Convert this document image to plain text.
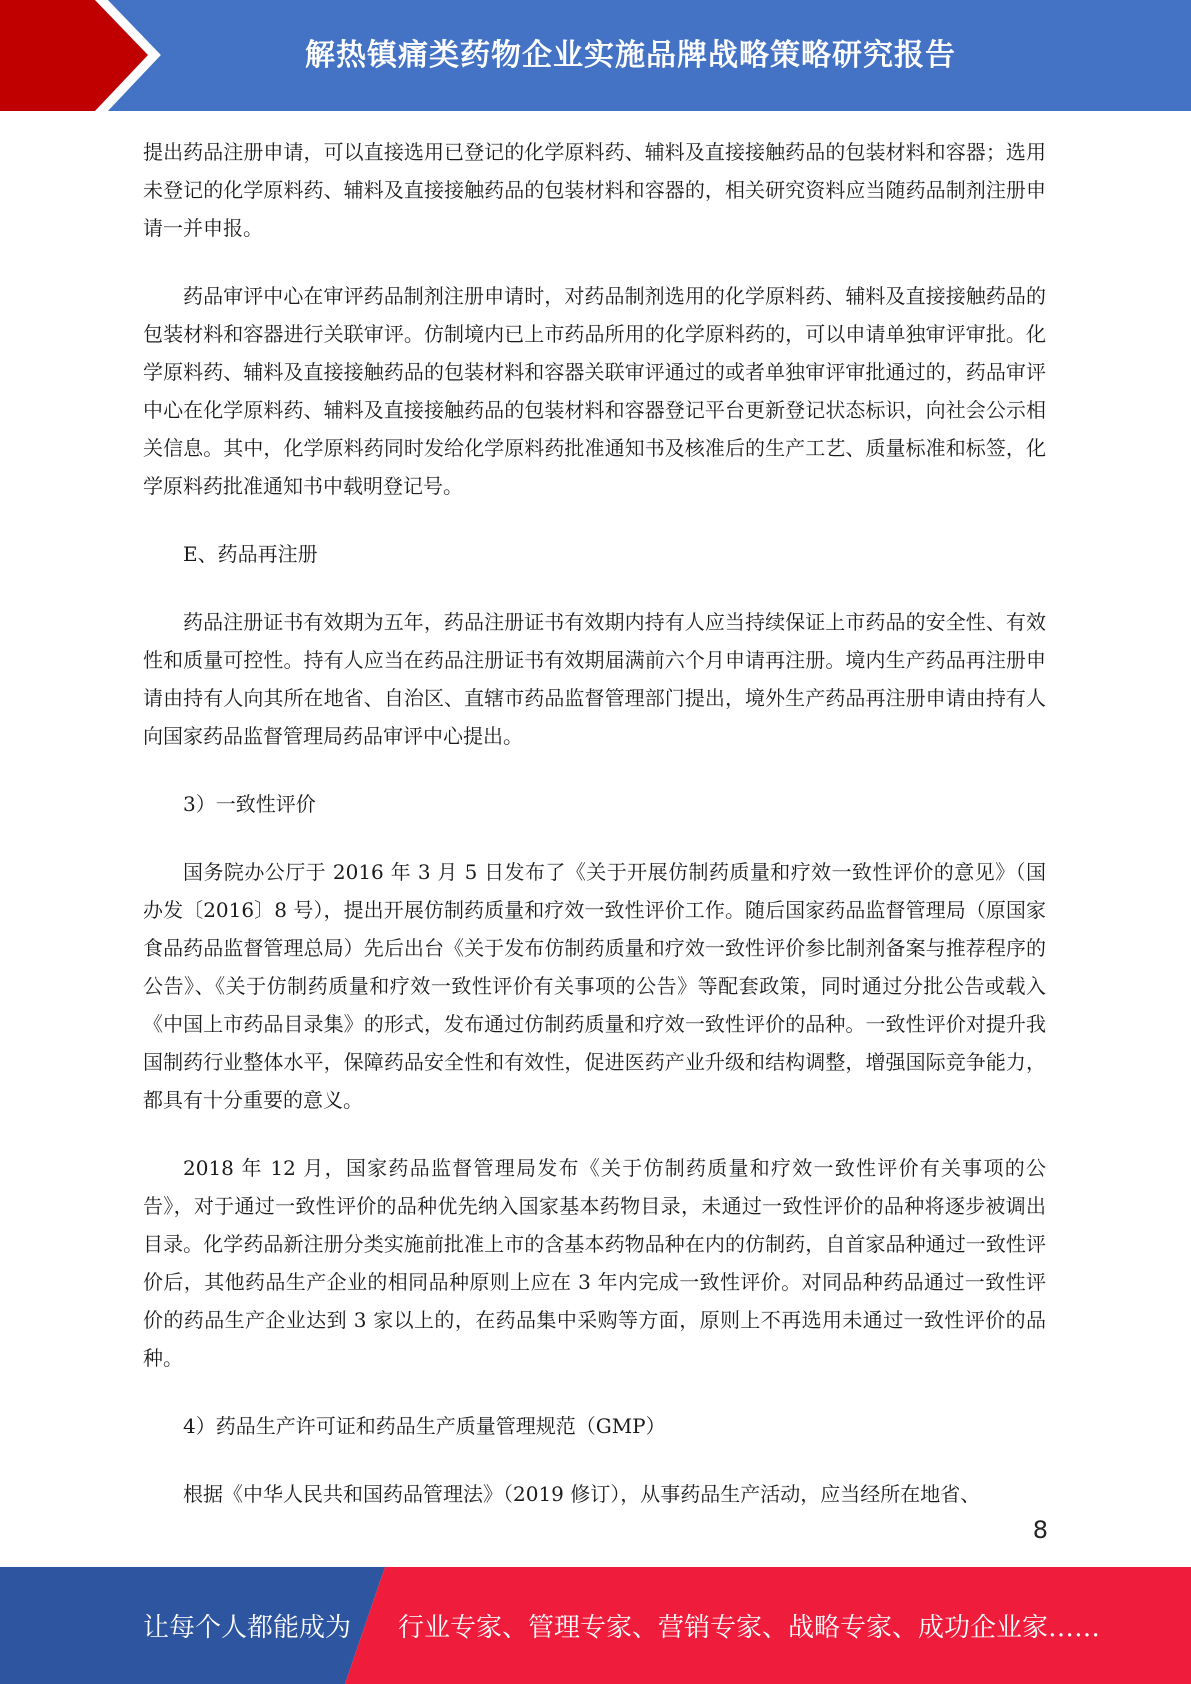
解热镇痛类药物企业实施品牌战略策略研究报告

提出药品注册申请，可以直接选用已登记的化学原料药、辅料及直接接触药品的包装材料和容器；选用未登记的化学原料药、辅料及直接接触药品的包装材料和容器的，相关研究资料应当随药品制剂注册申请一并申报。

药品审评中心在审评药品制剂注册申请时，对药品制剂选用的化学原料药、辅料及直接接触药品的包装材料和容器进行关联审评。仿制境内已上市药品所用的化学原料药的，可以申请单独审评审批。化学原料药、辅料及直接接触药品的包装材料和容器关联审评通过的或者单独审评审批通过的，药品审评中心在化学原料药、辅料及直接接触药品的包装材料和容器登记平台更新登记状态标识，向社会公示相关信息。其中，化学原料药同时发给化学原料药批准通知书及核准后的生产工艺、质量标准和标签，化学原料药批准通知书中载明登记号。

E、药品再注册

药品注册证书有效期为五年，药品注册证书有效期内持有人应当持续保证上市药品的安全性、有效性和质量可控性。持有人应当在药品注册证书有效期届满前六个月申请再注册。境内生产药品再注册申请由持有人向其所在地省、自治区、直辖市药品监督管理部门提出，境外生产药品再注册申请由持有人向国家药品监督管理局药品审评中心提出。

3）一致性评价

国务院办公厅于 2016 年 3 月 5 日发布了《关于开展仿制药质量和疗效一致性评价的意见》（国办发〔2016〕8 号），提出开展仿制药质量和疗效一致性评价工作。随后国家药品监督管理局（原国家食品药品监督管理总局）先后出台《关于发布仿制药质量和疗效一致性评价参比制剂备案与推荐程序的公告》、《关于仿制药质量和疗效一致性评价有关事项的公告》等配套政策，同时通过分批公告或载入《中国上市药品目录集》的形式，发布通过仿制药质量和疗效一致性评价的品种。一致性评价对提升我国制药行业整体水平，保障药品安全性和有效性，促进医药产业升级和结构调整，增强国际竞争能力，都具有十分重要的意义。

2018 年 12 月，国家药品监督管理局发布《关于仿制药质量和疗效一致性评价有关事项的公告》，对于通过一致性评价的品种优先纳入国家基本药物目录，未通过一致性评价的品种将逐步被调出目录。化学药品新注册分类实施前批准上市的含基本药物品种在内的仿制药，自首家品种通过一致性评价后，其他药品生产企业的相同品种原则上应在 3 年内完成一致性评价。对同品种药品通过一致性评价的药品生产企业达到 3 家以上的，在药品集中采购等方面，原则上不再选用未通过一致性评价的品种。

4）药品生产许可证和药品生产质量管理规范（GMP）

根据《中华人民共和国药品管理法》（2019 修订），从事药品生产活动，应当经所在地省、

8
让每个人都能成为 行业专家、管理专家、营销专家、战略专家、成功企业家……
